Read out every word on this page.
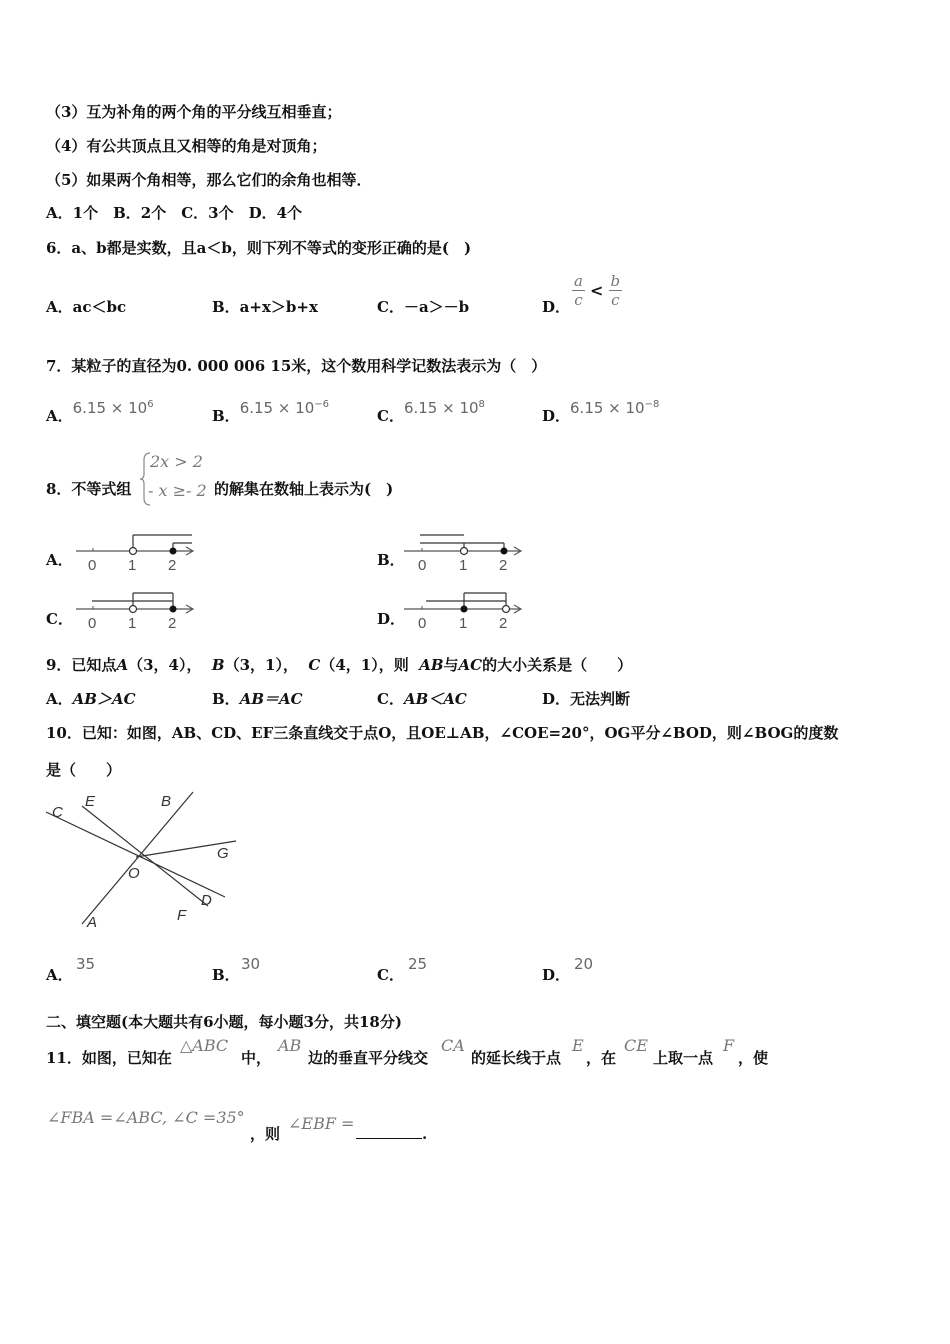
（3）互为补角的两个角的平分线互相垂直；
（4）有公共顶点且又相等的角是对顶角；
（5）如果两个角相等，那么它们的余角也相等．
A．1个　B．2个　C．3个　D．4个
6．a、b都是实数，且a＜b，则下列不等式的变形正确的是(　)
A．ac＜bc	B．a+x＞b+x	C．－a＞－b	D． $\frac{a}{c} < \frac{b}{c}$
7．某粒子的直径为0. 000 006 15米，这个数用科学记数法表示为（　）
A．$6.15 \times 10^6$
B．$6.15 \times 10^{-6}$
C．$6.15 \times 10^8$
D．$6.15 \times 10^{-8}$
8．不等式组
2x > 2
- x ≥- 2 的解集在数轴上表示为(　)
A．	B．
C．	D．
0 1 2	0 1 2
0 1 2	0 1 2
9．已知点A（3，4）， B（3，1）， C（4，1），则 AB与AC的大小关系是（　　）
A．AB＞AC	B．AB＝AC	C．AB＜AC	D．无法判断
10．已知：如图，AB、CD、EF三条直线交于点O，且OE⊥AB，∠COE=20°，OG平分∠BOD，则∠BOG的度数
是（　　）
C
E	B
G
O
D
F
A
A．
35
B．
30
C．
25
D．
20
二、填空题(本大题共有6小题，每小题3分，共18分)
11．如图，已知在
△ABC
中，
AB
边的垂直平分线交
CA
的延长线于点
E
，在
CE
上取一点
F
，使
∠FBA =∠ABC, ∠C =35°
，则
∠EBF =
.
